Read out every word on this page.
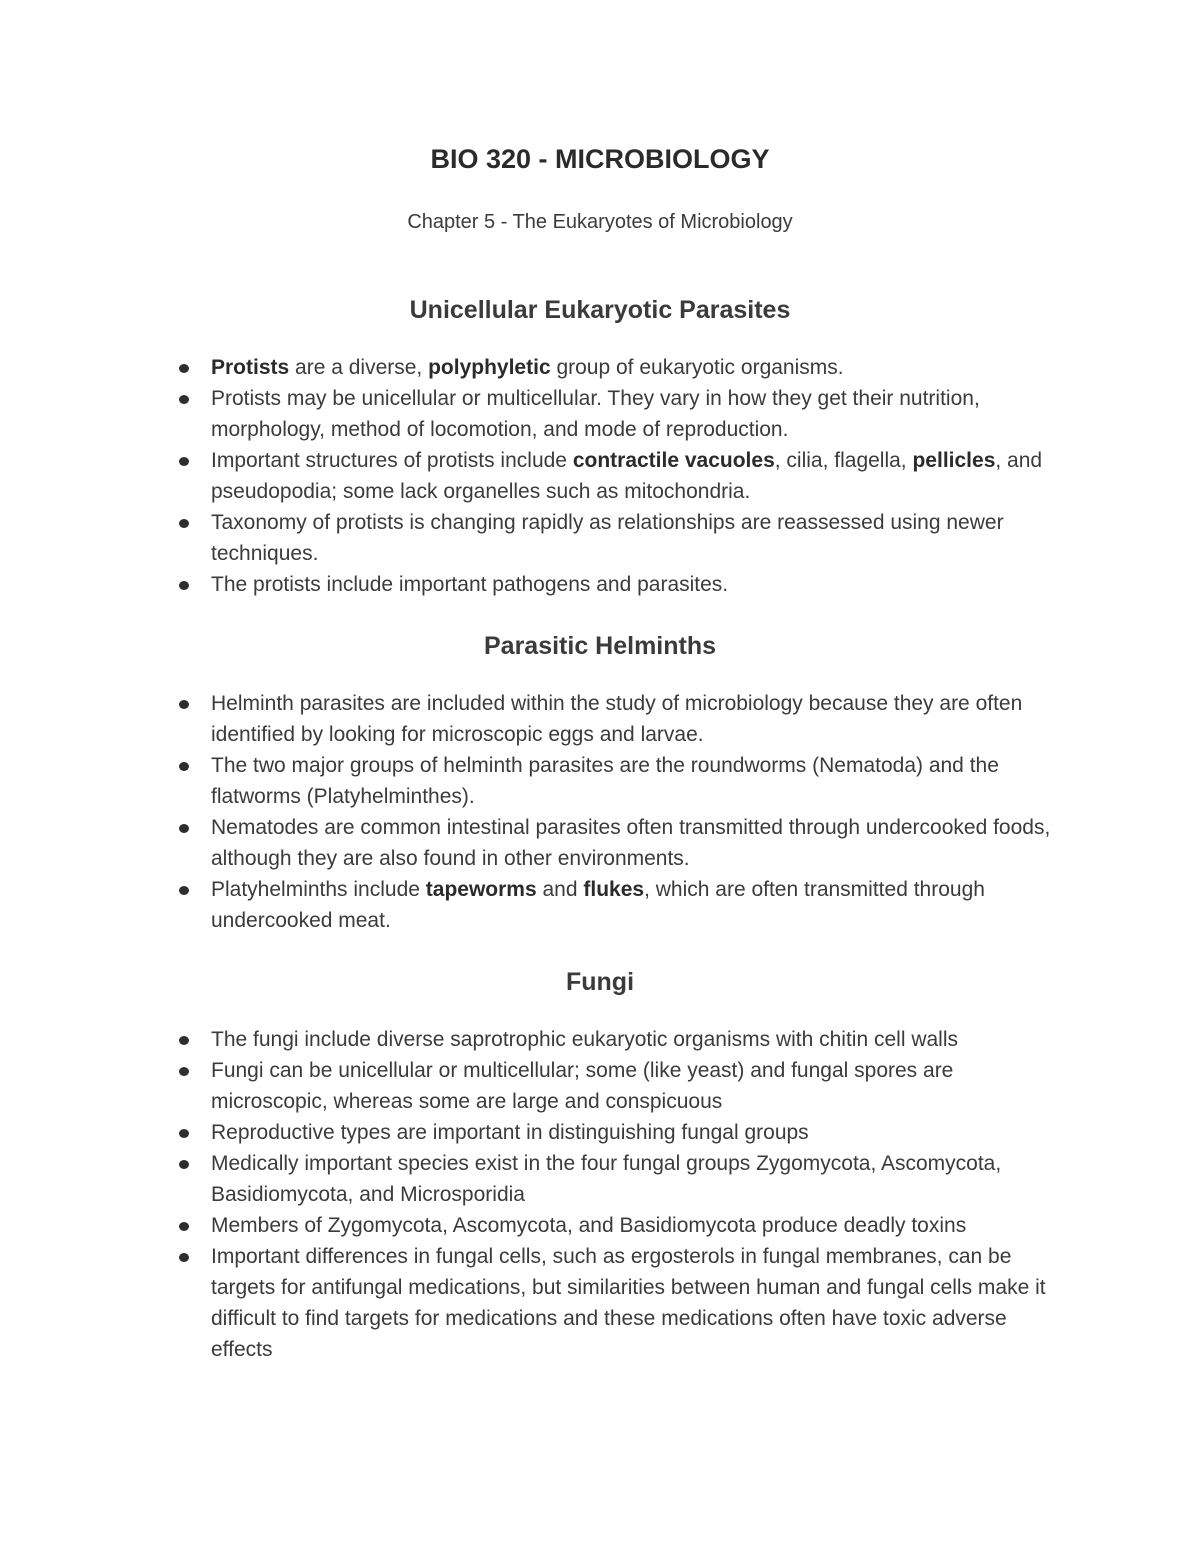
BIO 320 - MICROBIOLOGY

Chapter 5 - The Eukaryotes of Microbiology

Unicellular Eukaryotic Parasites
Protists are a diverse, polyphyletic group of eukaryotic organisms.
Protists may be unicellular or multicellular. They vary in how they get their nutrition, morphology, method of locomotion, and mode of reproduction.
Important structures of protists include contractile vacuoles, cilia, flagella, pellicles, and pseudopodia; some lack organelles such as mitochondria.
Taxonomy of protists is changing rapidly as relationships are reassessed using newer techniques.
The protists include important pathogens and parasites.
Parasitic Helminths
Helminth parasites are included within the study of microbiology because they are often identified by looking for microscopic eggs and larvae.
The two major groups of helminth parasites are the roundworms (Nematoda) and the flatworms (Platyhelminthes).
Nematodes are common intestinal parasites often transmitted through undercooked foods, although they are also found in other environments.
Platyhelminths include tapeworms and flukes, which are often transmitted through undercooked meat.
Fungi
The fungi include diverse saprotrophic eukaryotic organisms with chitin cell walls
Fungi can be unicellular or multicellular; some (like yeast) and fungal spores are microscopic, whereas some are large and conspicuous
Reproductive types are important in distinguishing fungal groups
Medically important species exist in the four fungal groups Zygomycota, Ascomycota, Basidiomycota, and Microsporidia
Members of Zygomycota, Ascomycota, and Basidiomycota produce deadly toxins
Important differences in fungal cells, such as ergosterols in fungal membranes, can be targets for antifungal medications, but similarities between human and fungal cells make it difficult to find targets for medications and these medications often have toxic adverse effects
